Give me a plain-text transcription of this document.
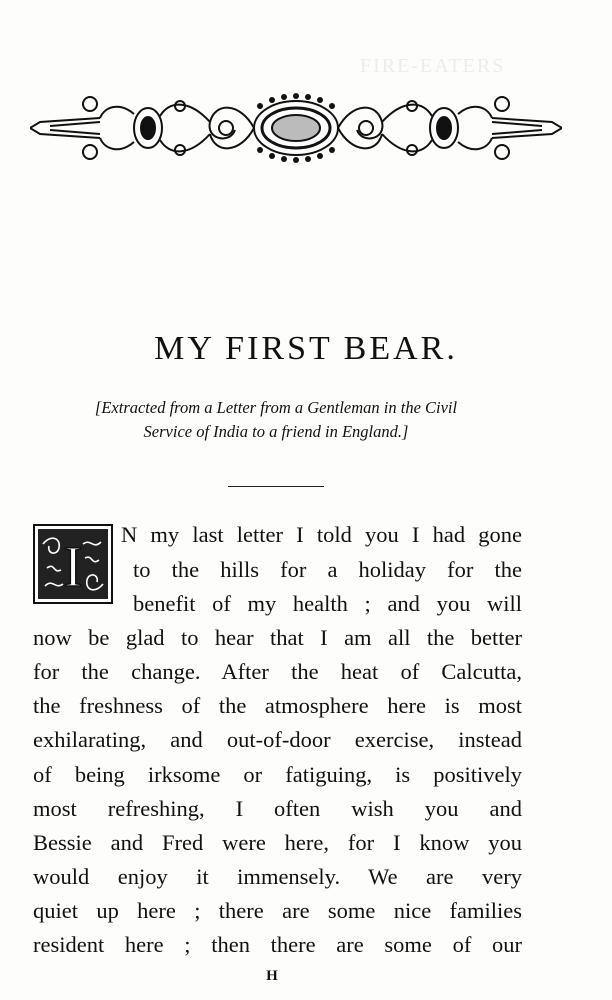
FIRE-EATERS
MY FIRST BEAR.
[Extracted from a Letter from a Gentleman in the Civil
Service of India to a friend in England.]
I N my last letter I told you I had gone
to the hills for a holiday for the
benefit of my health ; and you will
now be glad to hear that I am all the better
for the change. After the heat of Calcutta,
the freshness of the atmosphere here is most
exhilarating, and out-of-door exercise, instead
of being irksome or fatiguing, is positively
most refreshing, I often wish you and
Bessie and Fred were here, for I know you
would enjoy it immensely. We are very
quiet up here ; there are some nice families
resident here ; then there are some of our
H
